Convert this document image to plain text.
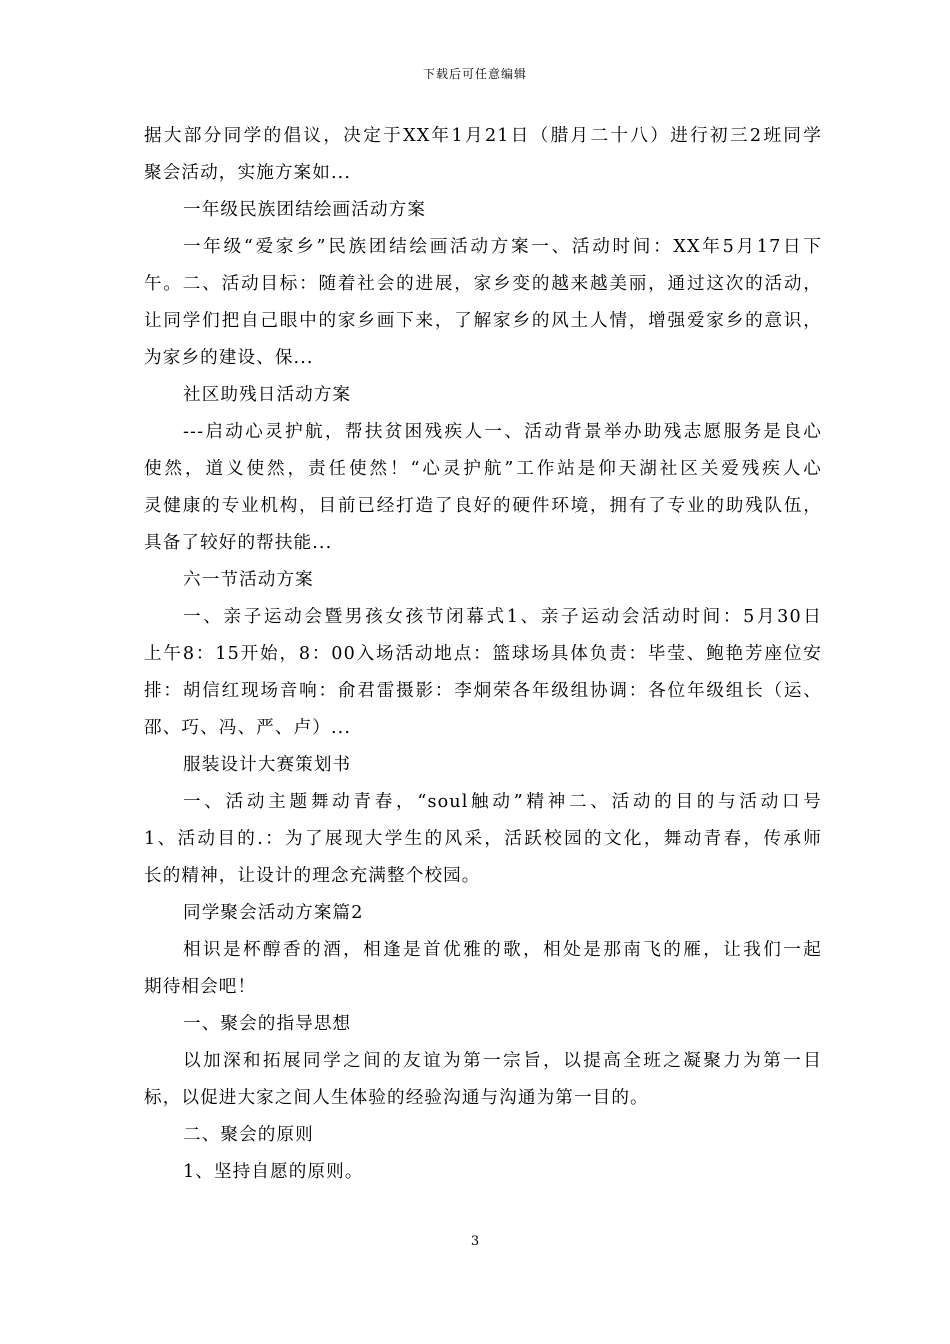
下载后可任意编辑

据大部分同学的倡议，决定于XX年1月21日（腊月二十八）进行初三2班同学

聚会活动，实施方案如...

一年级民族团结绘画活动方案

一年级“爱家乡”民族团结绘画活动方案一、活动时间：XX年5月17日下

午。二、活动目标：随着社会的进展，家乡变的越来越美丽，通过这次的活动，

让同学们把自己眼中的家乡画下来，了解家乡的风土人情，增强爱家乡的意识，

为家乡的建设、保...

社区助残日活动方案

---启动心灵护航，帮扶贫困残疾人一、活动背景举办助残志愿服务是良心

使然，道义使然，责任使然！“心灵护航”工作站是仰天湖社区关爱残疾人心

灵健康的专业机构，目前已经打造了良好的硬件环境，拥有了专业的助残队伍，

具备了较好的帮扶能...

六一节活动方案

一、亲子运动会暨男孩女孩节闭幕式1、亲子运动会活动时间：5月30日

上午8：15开始，8：00入场活动地点：篮球场具体负责：毕莹、鲍艳芳座位安

排：胡信红现场音响：俞君雷摄影：李炯荣各年级组协调：各位年级组长（运、

邵、巧、冯、严、卢）...

服装设计大赛策划书

一、活动主题舞动青春，“soul触动”精神二、活动的目的与活动口号

1、活动目的.：为了展现大学生的风采，活跃校园的文化，舞动青春，传承师

长的精神，让设计的理念充满整个校园。

同学聚会活动方案篇2

相识是杯醇香的酒，相逢是首优雅的歌，相处是那南飞的雁，让我们一起

期待相会吧！

一、聚会的指导思想

以加深和拓展同学之间的友谊为第一宗旨，以提高全班之凝聚力为第一目

标，以促进大家之间人生体验的经验沟通与沟通为第一目的。

二、聚会的原则

1、坚持自愿的原则。

3
